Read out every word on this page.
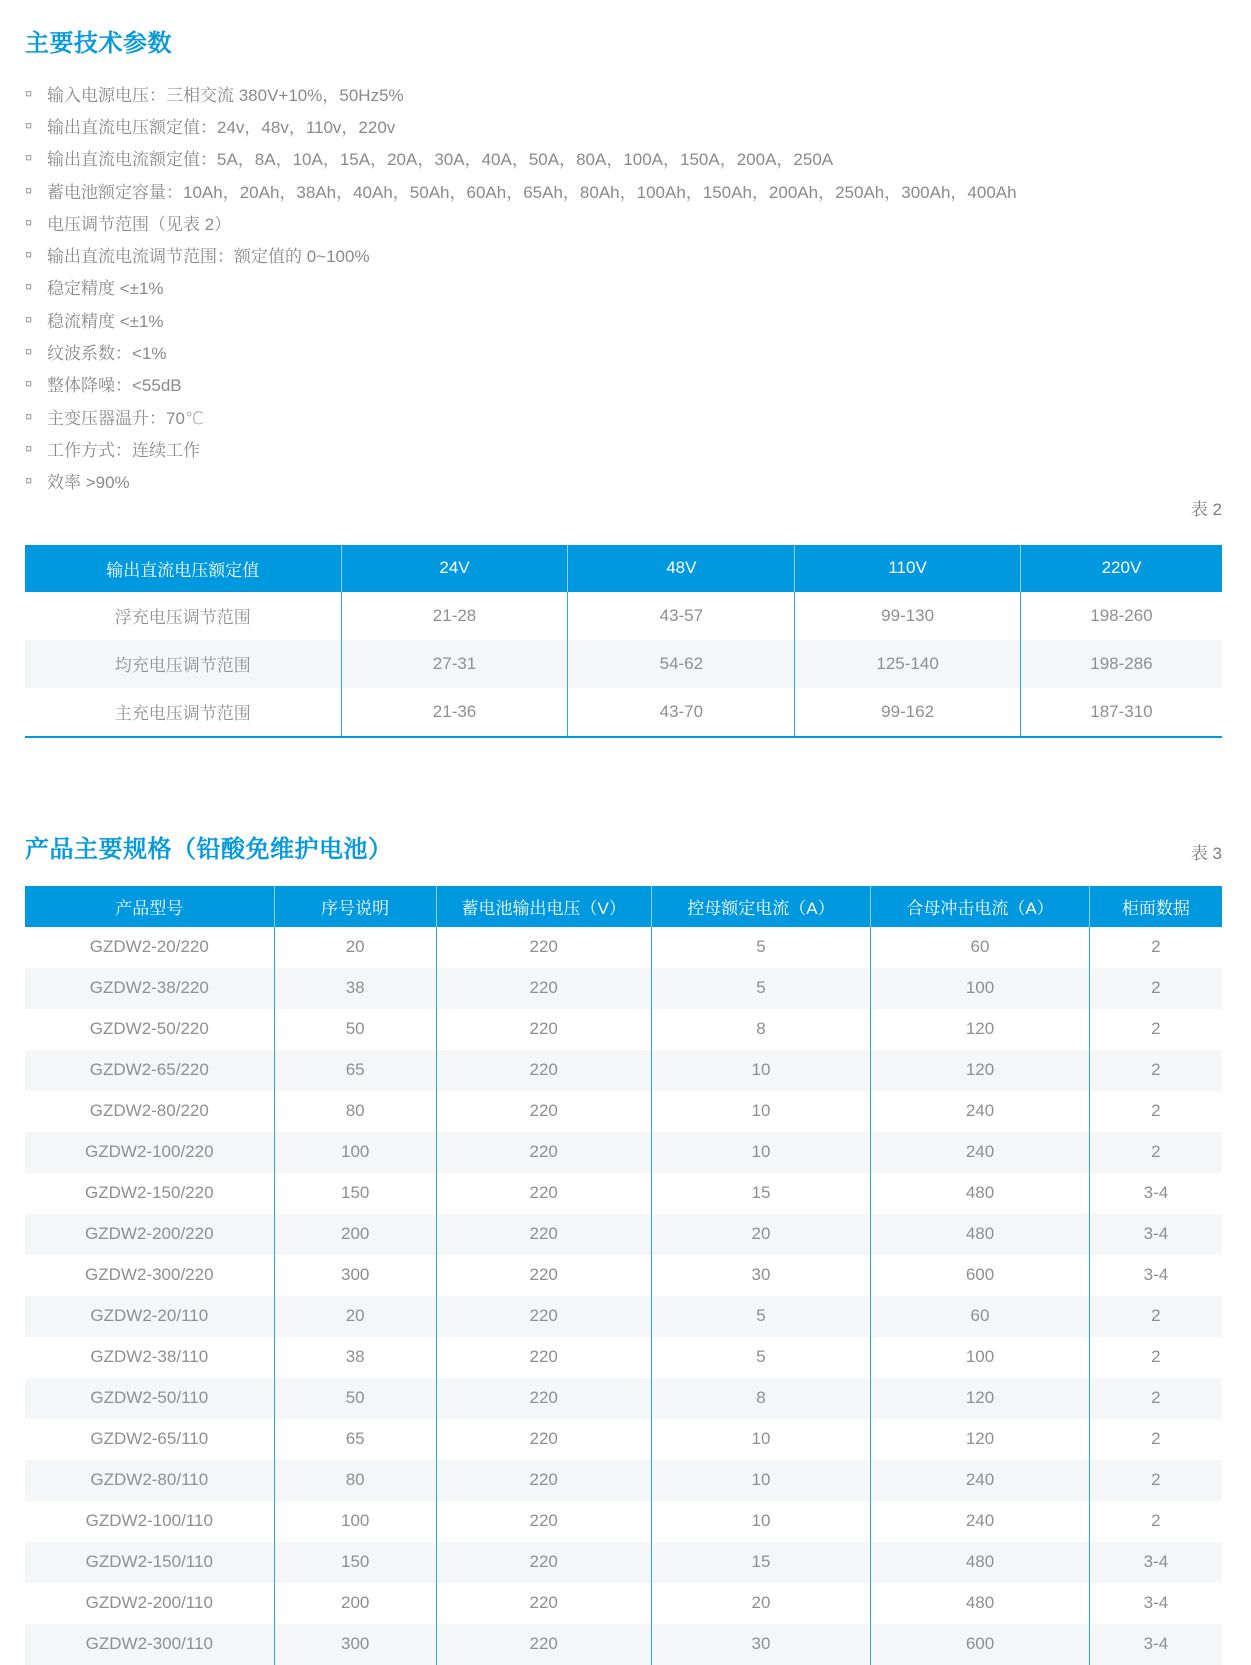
主要技术参数
¤ 输入电源电压：三相交流 380V+10%，50Hz5%
¤ 输出直流电压额定值：24v，48v，110v，220v
¤ 输出直流电流额定值：5A，8A，10A，15A，20A，30A，40A，50A，80A，100A，150A，200A，250A
¤ 蓄电池额定容量：10Ah，20Ah，38Ah，40Ah，50Ah，60Ah，65Ah，80Ah，100Ah，150Ah，200Ah，250Ah，300Ah，400Ah
¤ 电压调节范围（见表 2）
¤ 输出直流电流调节范围：额定值的 0~100%
¤ 稳定精度 <±1%
¤ 稳流精度 <±1%
¤ 纹波系数：<1%
¤ 整体降噪：<55dB
¤ 主变压器温升：70℃
¤ 工作方式：连续工作
¤ 效率 >90%
表 2
输出直流电压额定值	24V	48V	110V	220V
浮充电压调节范围	21-28	43-57	99-130	198-260
均充电压调节范围	27-31	54-62	125-140	198-286
主充电压调节范围	21-36	43-70	99-162	187-310
产品主要规格（铅酸免维护电池）	表 3
产品型号	序号说明	蓄电池输出电压（V）	控母额定电流（A）	合母冲击电流（A）	柜面数据
GZDW2-20/220	20	220	5	60	2
GZDW2-38/220	38	220	5	100	2
GZDW2-50/220	50	220	8	120	2
GZDW2-65/220	65	220	10	120	2
GZDW2-80/220	80	220	10	240	2
GZDW2-100/220	100	220	10	240	2
GZDW2-150/220	150	220	15	480	3-4
GZDW2-200/220	200	220	20	480	3-4
GZDW2-300/220	300	220	30	600	3-4
GZDW2-20/110	20	220	5	60	2
GZDW2-38/110	38	220	5	100	2
GZDW2-50/110	50	220	8	120	2
GZDW2-65/110	65	220	10	120	2
GZDW2-80/110	80	220	10	240	2
GZDW2-100/110	100	220	10	240	2
GZDW2-150/110	150	220	15	480	3-4
GZDW2-200/110	200	220	20	480	3-4
GZDW2-300/110	300	220	30	600	3-4
